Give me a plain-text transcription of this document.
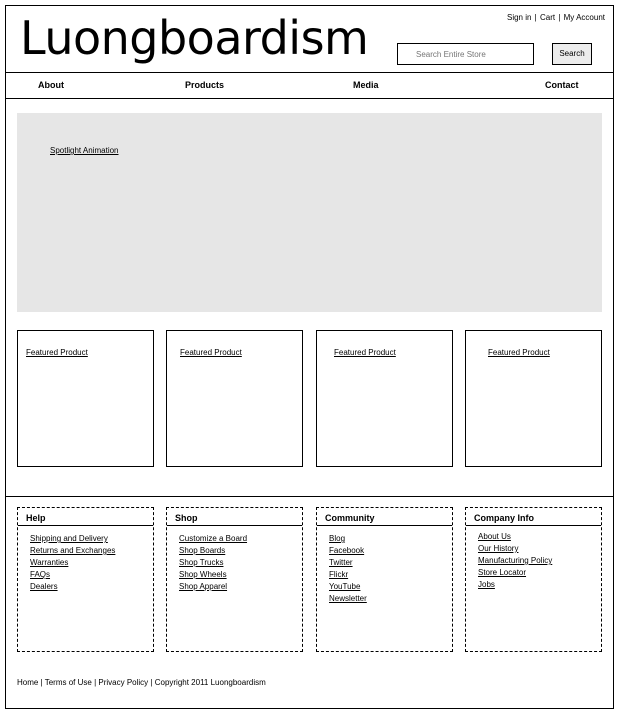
Luongboardism	Sign in | Cart | My Account
Search Entire Store
Search
About	Products	Media	Contact
Spotlight Animation
Featured Product	Featured Product	Featured Product	Featured Product
Help
Shipping and Delivery
Returns and Exchanges
Warranties
FAQs
Dealers
Shop
Customize a Board
Shop Boards
Shop Trucks
Shop Wheels
Shop Apparel
Community
Blog
Facebook
Twitter
Flickr
YouTube
Newsletter
Company Info
About Us
Our History
Manufacturing Policy
Store Locator
Jobs
Home | Terms of Use | Privacy Policy | Copyright 2011 Luongboardism
